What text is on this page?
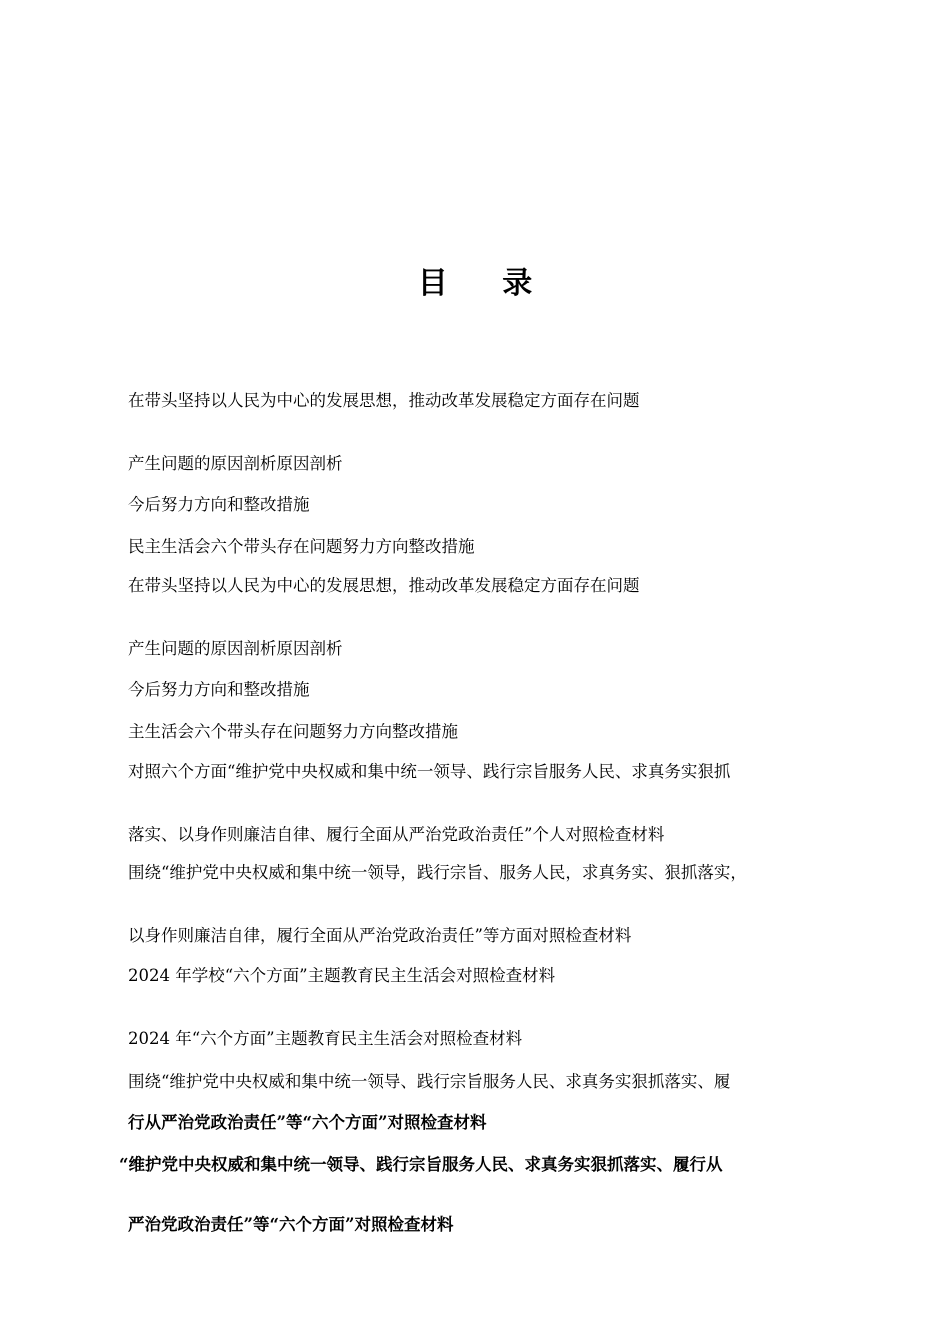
目 录

在带头坚持以人民为中心的发展思想，推动改革发展稳定方面存在问题

产生问题的原因剖析原因剖析

今后努力方向和整改措施

民主生活会六个带头存在问题努力方向整改措施

在带头坚持以人民为中心的发展思想，推动改革发展稳定方面存在问题

产生问题的原因剖析原因剖析

今后努力方向和整改措施

主生活会六个带头存在问题努力方向整改措施

对照六个方面“维护党中央权威和集中统一领导、践行宗旨服务人民、求真务实狠抓

落实、以身作则廉洁自律、履行全面从严治党政治责任”个人对照检查材料

围绕“维护党中央权威和集中统一领导，践行宗旨、服务人民，求真务实、狠抓落实，

以身作则廉洁自律，履行全面从严治党政治责任”等方面对照检查材料

2024 年学校“六个方面”主题教育民主生活会对照检查材料

2024 年“六个方面”主题教育民主生活会对照检查材料

围绕“维护党中央权威和集中统一领导、践行宗旨服务人民、求真务实狠抓落实、履

行从严治党政治责任”等“六个方面”对照检查材料

“维护党中央权威和集中统一领导、践行宗旨服务人民、求真务实狠抓落实、履行从

严治党政治责任”等“六个方面”对照检查材料
